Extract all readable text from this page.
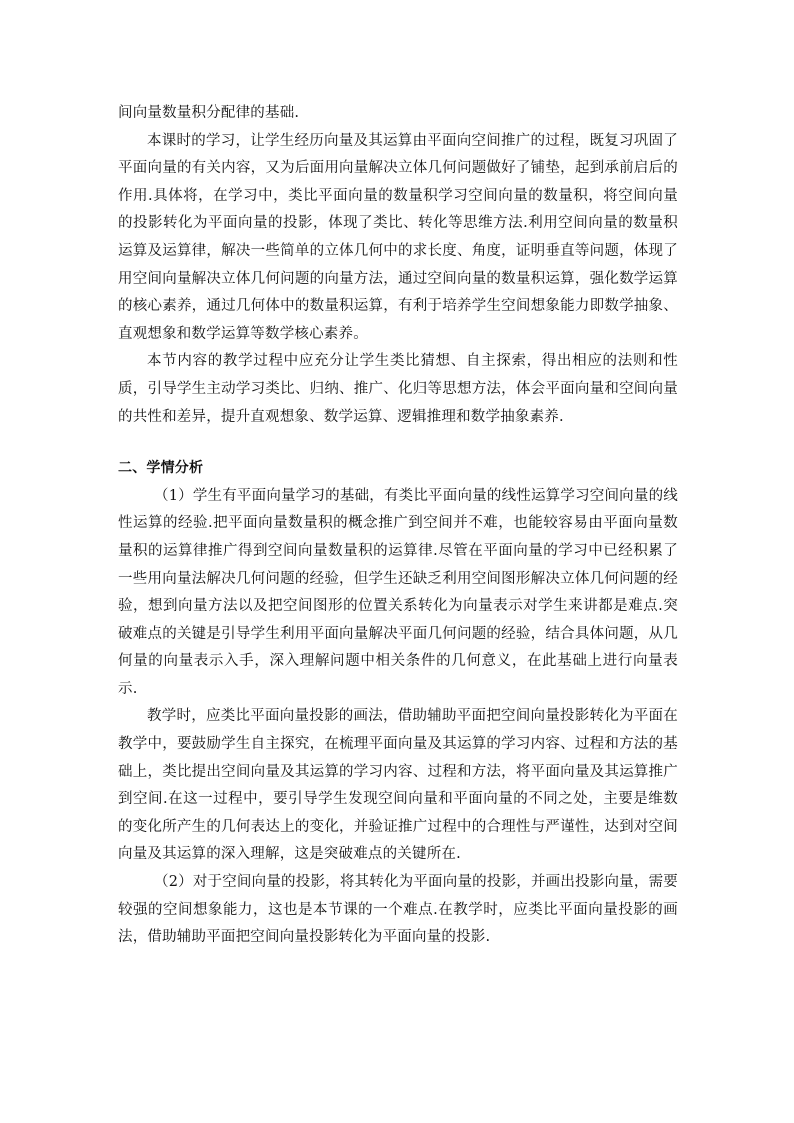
间向量数量积分配律的基础.

本课时的学习，让学生经历向量及其运算由平面向空间推广的过程，既复习巩固了平面向量的有关内容，又为后面用向量解决立体几何问题做好了铺垫，起到承前启后的作用.具体将，在学习中，类比平面向量的数量积学习空间向量的数量积，将空间向量的投影转化为平面向量的投影，体现了类比、转化等思维方法.利用空间向量的数量积运算及运算律，解决一些简单的立体几何中的求长度、角度，证明垂直等问题，体现了用空间向量解决立体几何问题的向量方法，通过空间向量的数量积运算，强化数学运算的核心素养，通过几何体中的数量积运算，有利于培养学生空间想象能力即数学抽象、直观想象和数学运算等数学核心素养。

本节内容的教学过程中应充分让学生类比猜想、自主探索，得出相应的法则和性质，引导学生主动学习类比、归纳、推广、化归等思想方法，体会平面向量和空间向量的共性和差异，提升直观想象、数学运算、逻辑推理和数学抽象素养.

二、学情分析

（1）学生有平面向量学习的基础，有类比平面向量的线性运算学习空间向量的线性运算的经验.把平面向量数量积的概念推广到空间并不难，也能较容易由平面向量数量积的运算律推广得到空间向量数量积的运算律.尽管在平面向量的学习中已经积累了一些用向量法解决几何问题的经验，但学生还缺乏利用空间图形解决立体几何问题的经验，想到向量方法以及把空间图形的位置关系转化为向量表示对学生来讲都是难点.突破难点的关键是引导学生利用平面向量解决平面几何问题的经验，结合具体问题，从几何量的向量表示入手，深入理解问题中相关条件的几何意义，在此基础上进行向量表示.

教学时，应类比平面向量投影的画法，借助辅助平面把空间向量投影转化为平面在教学中，要鼓励学生自主探究，在梳理平面向量及其运算的学习内容、过程和方法的基础上，类比提出空间向量及其运算的学习内容、过程和方法，将平面向量及其运算推广到空间.在这一过程中，要引导学生发现空间向量和平面向量的不同之处，主要是维数的变化所产生的几何表达上的变化，并验证推广过程中的合理性与严谨性，达到对空间向量及其运算的深入理解，这是突破难点的关键所在.

（2）对于空间向量的投影，将其转化为平面向量的投影，并画出投影向量，需要较强的空间想象能力，这也是本节课的一个难点.在教学时，应类比平面向量投影的画法，借助辅助平面把空间向量投影转化为平面向量的投影.
